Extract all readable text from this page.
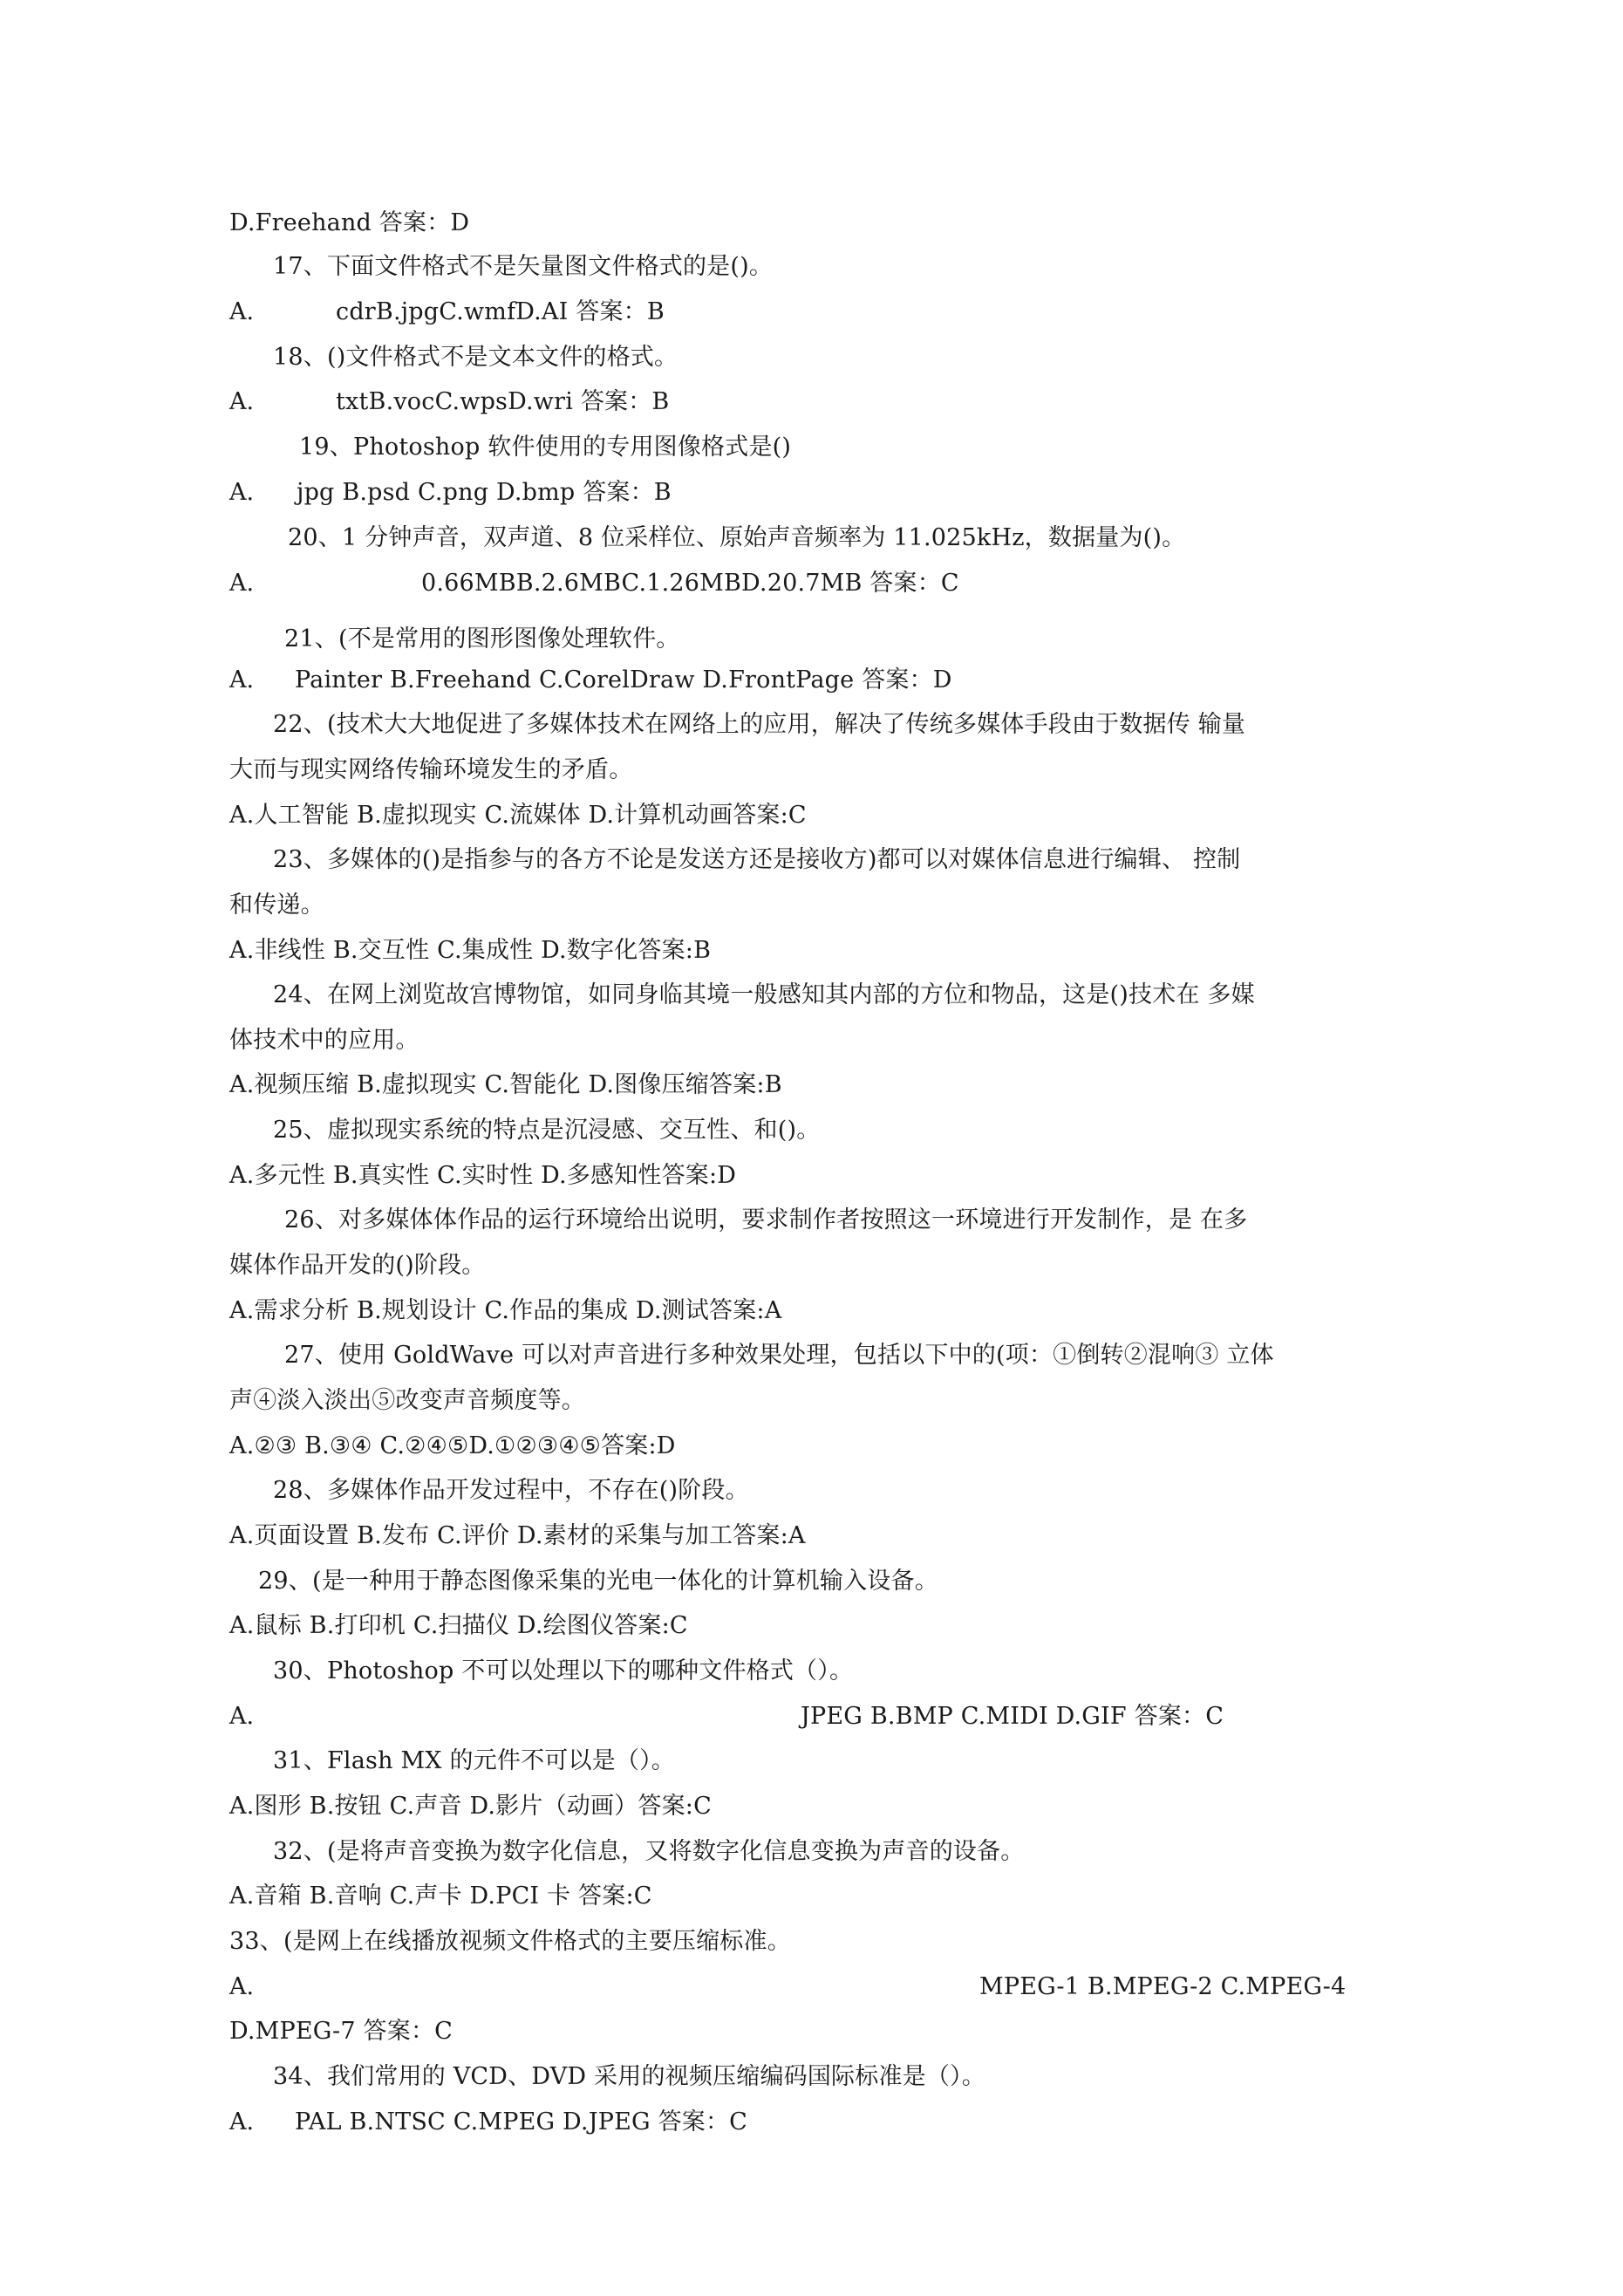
D.Freehand 答案：D
17、下面文件格式不是矢量图文件格式的是()。
A.	cdrB.jpgC.wmfD.AI 答案：B
18、()文件格式不是文本文件的格式。
A.	txtB.vocC.wpsD.wri 答案：B
19、Photoshop 软件使用的专用图像格式是()
A. jpg B.psd C.png D.bmp 答案：B
20、1 分钟声音，双声道、8 位采样位、原始声音频率为 11.025kHz，数据量为()。
A.	0.66MBB.2.6MBC.1.26MBD.20.7MB 答案：C
21、(不是常用的图形图像处理软件。
A. Painter B.Freehand C.CorelDraw D.FrontPage 答案：D
22、(技术大大地促进了多媒体技术在网络上的应用，解决了传统多媒体手段由于数据传 输量
大而与现实网络传输环境发生的矛盾。
A.人工智能 B.虚拟现实 C.流媒体 D.计算机动画答案:C
23、多媒体的()是指参与的各方不论是发送方还是接收方)都可以对媒体信息进行编辑、 控制
和传递。
A.非线性 B.交互性 C.集成性 D.数字化答案:B
24、在网上浏览故宫博物馆，如同身临其境一般感知其内部的方位和物品，这是()技术在 多媒
体技术中的应用。
A.视频压缩 B.虚拟现实 C.智能化 D.图像压缩答案:B
25、虚拟现实系统的特点是沉浸感、交互性、和()。
A.多元性 B.真实性 C.实时性 D.多感知性答案:D
26、对多媒体体作品的运行环境给出说明，要求制作者按照这一环境进行开发制作，是 在多
媒体作品开发的()阶段。
A.需求分析 B.规划设计 C.作品的集成 D.测试答案:A
27、使用 GoldWave 可以对声音进行多种效果处理，包括以下中的(项：①倒转②混响③ 立体
声④淡入淡出⑤改变声音频度等。
A.②③ B.③④ C.②④⑤D.①②③④⑤答案:D
28、多媒体作品开发过程中，不存在()阶段。
A.页面设置 B.发布 C.评价 D.素材的采集与加工答案:A
29、(是一种用于静态图像采集的光电一体化的计算机输入设备。
A.鼠标 B.打印机 C.扫描仪 D.绘图仪答案:C
30、Photoshop 不可以处理以下的哪种文件格式（）。
A.	JPEG B.BMP C.MIDI D.GIF 答案：C
31、Flash MX 的元件不可以是（）。
A.图形 B.按钮 C.声音 D.影片（动画）答案:C
32、(是将声音变换为数字化信息，又将数字化信息变换为声音的设备。
A.音箱 B.音响 C.声卡 D.PCI 卡 答案:C
33、(是网上在线播放视频文件格式的主要压缩标准。
A.	MPEG-1 B.MPEG-2 C.MPEG-4
D.MPEG-7 答案：C
34、我们常用的 VCD、DVD 采用的视频压缩编码国际标准是（）。
A. PAL B.NTSC C.MPEG D.JPEG 答案：C
